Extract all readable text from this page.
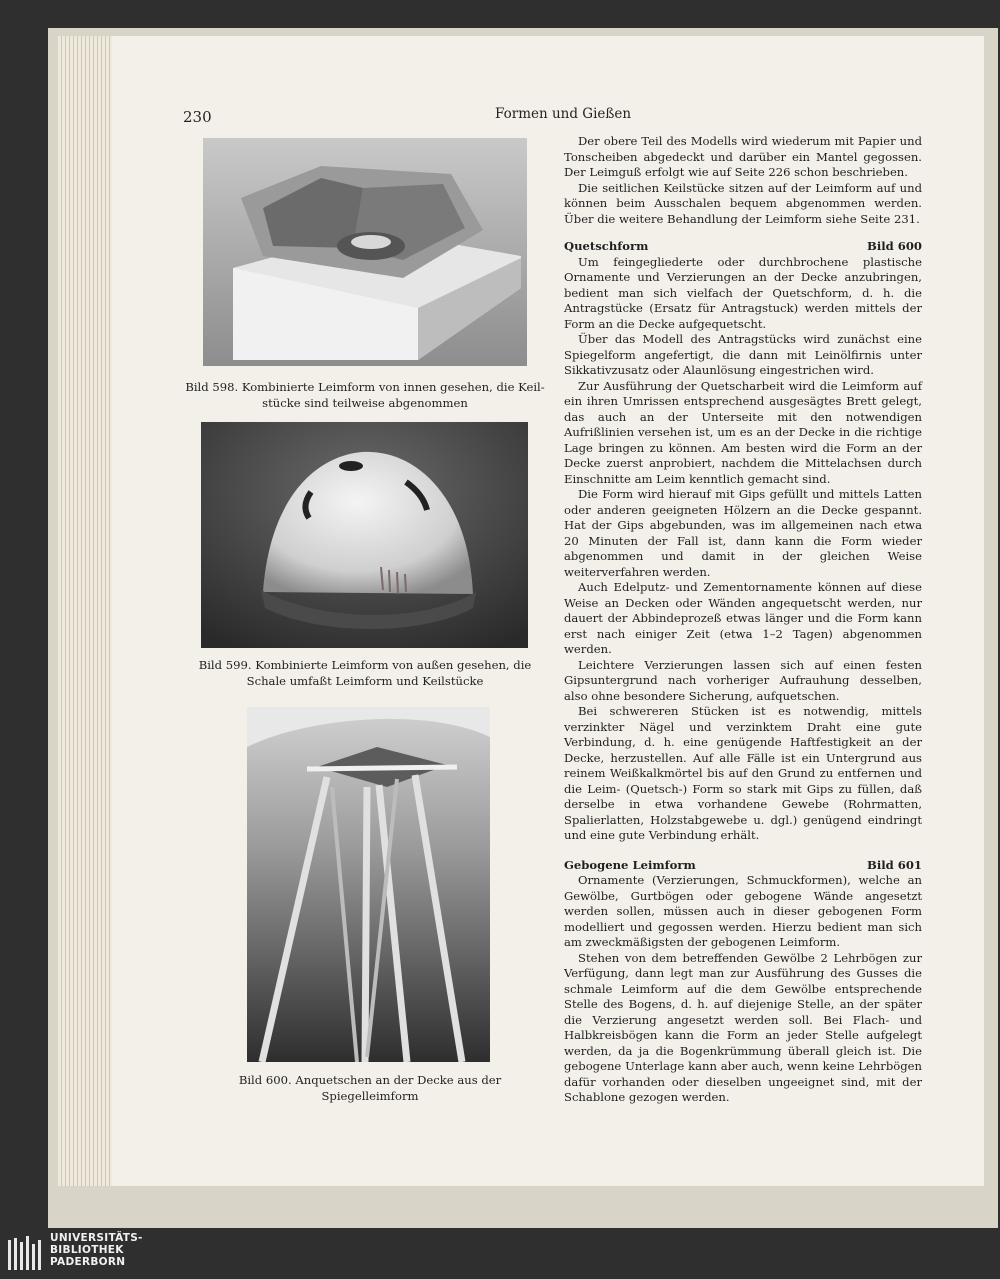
230	Formen und Gießen
Bild 598. Kombinierte Leimform von innen gesehen, die Keil-
stücke sind teilweise abgenommen
Bild 599. Kombinierte Leimform von außen gesehen, die
Schale umfaßt Leimform und Keilstücke
Bild 600. Anquetschen an der Decke aus der
Spiegelleimform

Der obere Teil des Modells wird wiederum mit Papier und Tonscheiben abgedeckt und darüber ein Mantel gegossen. Der Leimguß erfolgt wie auf Seite 226 schon beschrieben.

Die seitlichen Keilstücke sitzen auf der Leimform auf und können beim Ausschalen bequem abgenommen werden. Über die weitere Behandlung der Leimform siehe Seite 231.

Quetschform	Bild 600

Um feingegliederte oder durchbrochene plastische Ornamente und Verzierungen an der Decke anzubringen, bedient man sich vielfach der Quetschform, d. h. die Antragstücke (Ersatz für Antragstuck) werden mittels der Form an die Decke aufgequetscht.

Über das Modell des Antragstücks wird zunächst eine Spiegelform angefertigt, die dann mit Leinölfirnis unter Sikkativzusatz oder Alaunlösung eingestrichen wird.

Zur Ausführung der Quetscharbeit wird die Leimform auf ein ihren Umrissen entsprechend ausgesägtes Brett gelegt, das auch an der Unterseite mit den notwendigen Aufrißlinien versehen ist, um es an der Decke in die richtige Lage bringen zu können. Am besten wird die Form an der Decke zuerst anprobiert, nachdem die Mittelachsen durch Einschnitte am Leim kenntlich gemacht sind.

Die Form wird hierauf mit Gips gefüllt und mittels Latten oder anderen geeigneten Hölzern an die Decke gespannt. Hat der Gips abgebunden, was im allgemeinen nach etwa 20 Minuten der Fall ist, dann kann die Form wieder abgenommen und damit in der gleichen Weise weiterverfahren werden.

Auch Edelputz- und Zementornamente können auf diese Weise an Decken oder Wänden angequetscht werden, nur dauert der Abbindeprozeß etwas länger und die Form kann erst nach einiger Zeit (etwa 1–2 Tagen) abgenommen werden.

Leichtere Verzierungen lassen sich auf einen festen Gipsuntergrund nach vorheriger Aufrauhung desselben, also ohne besondere Sicherung, aufquetschen.

Bei schwereren Stücken ist es notwendig, mittels verzinkter Nägel und verzinktem Draht eine gute Verbindung, d. h. eine genügende Haftfestigkeit an der Decke, herzustellen. Auf alle Fälle ist ein Untergrund aus reinem Weißkalkmörtel bis auf den Grund zu entfernen und die Leim- (Quetsch-) Form so stark mit Gips zu füllen, daß derselbe in etwa vorhandene Gewebe (Rohrmatten, Spalierlatten, Holzstabgewebe u. dgl.) genügend eindringt und eine gute Verbindung erhält.

Gebogene Leimform	Bild 601

Ornamente (Verzierungen, Schmuckformen), welche an Gewölbe, Gurtbögen oder gebogene Wände angesetzt werden sollen, müssen auch in dieser gebogenen Form modelliert und gegossen werden. Hierzu bedient man sich am zweckmäßigsten der gebogenen Leimform.

Stehen von dem betreffenden Gewölbe 2 Lehrbögen zur Verfügung, dann legt man zur Ausführung des Gusses die schmale Leimform auf die dem Gewölbe entsprechende Stelle des Bogens, d. h. auf diejenige Stelle, an der später die Verzierung angesetzt werden soll. Bei Flach- und Halbkreisbögen kann die Form an jeder Stelle aufgelegt werden, da ja die Bogenkrümmung überall gleich ist. Die gebogene Unterlage kann aber auch, wenn keine Lehrbögen dafür vorhanden oder dieselben ungeeignet sind, mit der Schablone gezogen werden.

UNIVERSITÄTS-
BIBLIOTHEK
PADERBORN
